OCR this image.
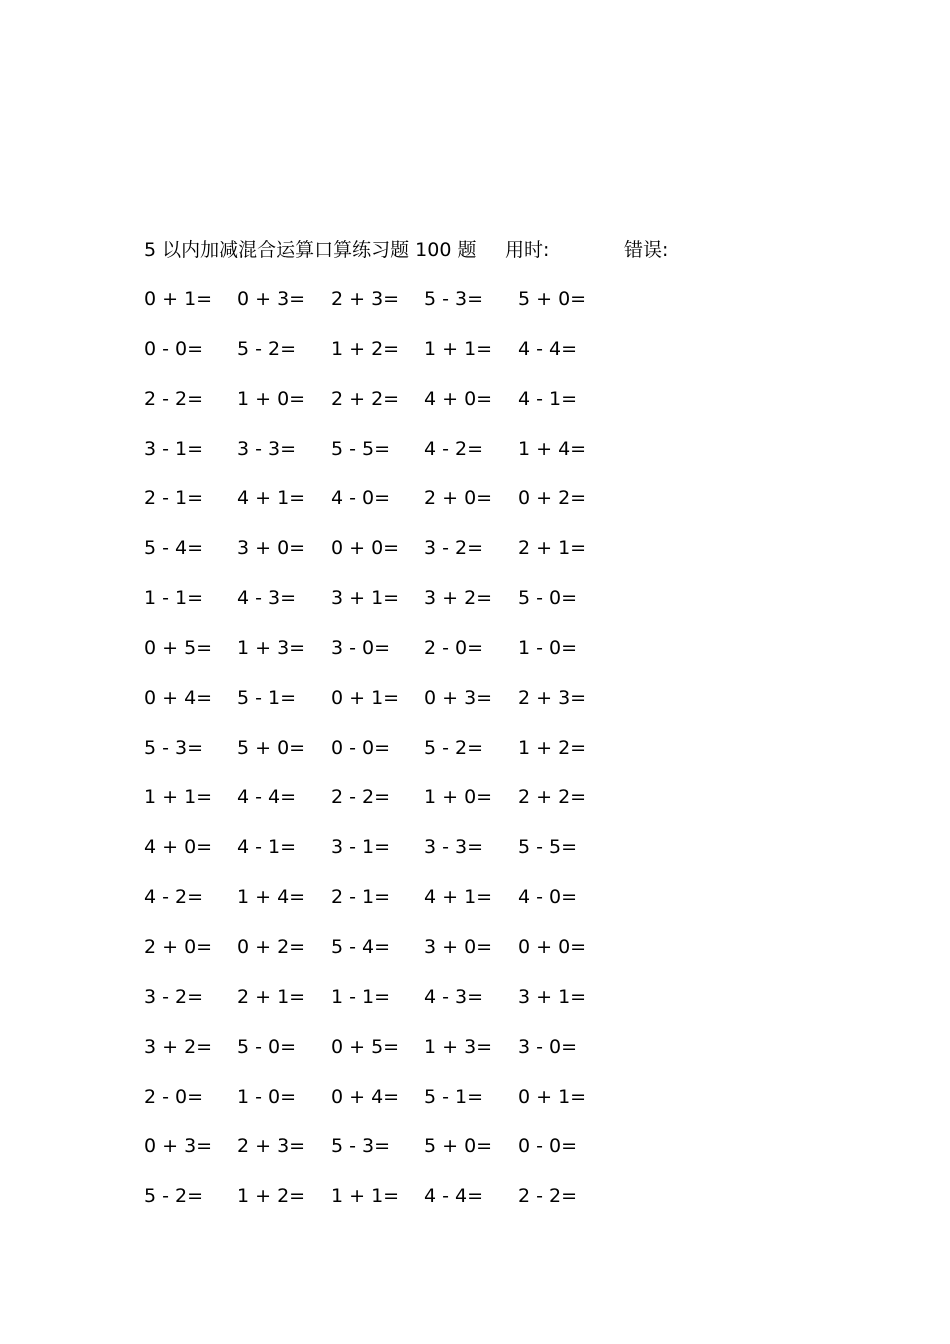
5 以内加减混合运算口算练习题 100 题 用时:	错误:
0 + 1= 0 + 3= 2 + 3= 5 - 3= 5 + 0=
0 - 0= 5 - 2= 1 + 2= 1 + 1= 4 - 4=
2 - 2= 1 + 0= 2 + 2= 4 + 0= 4 - 1=
3 - 1= 3 - 3= 5 - 5= 4 - 2= 1 + 4=
2 - 1= 4 + 1= 4 - 0= 2 + 0= 0 + 2=
5 - 4= 3 + 0= 0 + 0= 3 - 2= 2 + 1=
1 - 1= 4 - 3= 3 + 1= 3 + 2= 5 - 0=
0 + 5= 1 + 3= 3 - 0= 2 - 0= 1 - 0=
0 + 4= 5 - 1= 0 + 1= 0 + 3= 2 + 3=
5 - 3= 5 + 0= 0 - 0= 5 - 2= 1 + 2=
1 + 1= 4 - 4= 2 - 2= 1 + 0= 2 + 2=
4 + 0= 4 - 1= 3 - 1= 3 - 3= 5 - 5=
4 - 2= 1 + 4= 2 - 1= 4 + 1= 4 - 0=
2 + 0= 0 + 2= 5 - 4= 3 + 0= 0 + 0=
3 - 2= 2 + 1= 1 - 1= 4 - 3= 3 + 1=
3 + 2= 5 - 0= 0 + 5= 1 + 3= 3 - 0=
2 - 0= 1 - 0= 0 + 4= 5 - 1= 0 + 1=
0 + 3= 2 + 3= 5 - 3= 5 + 0= 0 - 0=
5 - 2= 1 + 2= 1 + 1= 4 - 4= 2 - 2=
